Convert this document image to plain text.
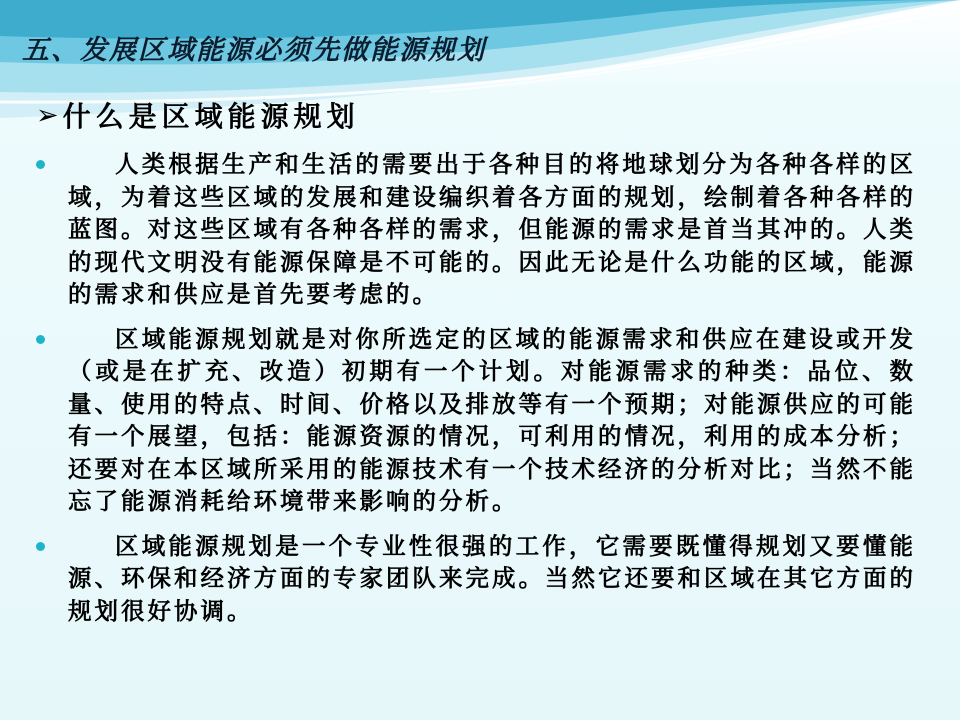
五、发展区域能源必须先做能源规划
➢ 什么是区域能源规划
人类根据生产和生活的需要出于各种目的将地球划分为各种各样的区域，为着这些区域的发展和建设编织着各方面的规划，绘制着各种各样的蓝图。对这些区域有各种各样的需求，但能源的需求是首当其冲的。人类的现代文明没有能源保障是不可能的。因此无论是什么功能的区域，能源的需求和供应是首先要考虑的。
区域能源规划就是对你所选定的区域的能源需求和供应在建设或开发（或是在扩充、改造）初期有一个计划。对能源需求的种类：品位、数量、使用的特点、时间、价格以及排放等有一个预期；对能源供应的可能有一个展望，包括：能源资源的情况，可利用的情况，利用的成本分析；还要对在本区域所采用的能源技术有一个技术经济的分析对比；当然不能忘了能源消耗给环境带来影响的分析。
区域能源规划是一个专业性很强的工作，它需要既懂得规划又要懂能源、环保和经济方面的专家团队来完成。当然它还要和区域在其它方面的规划很好协调。
